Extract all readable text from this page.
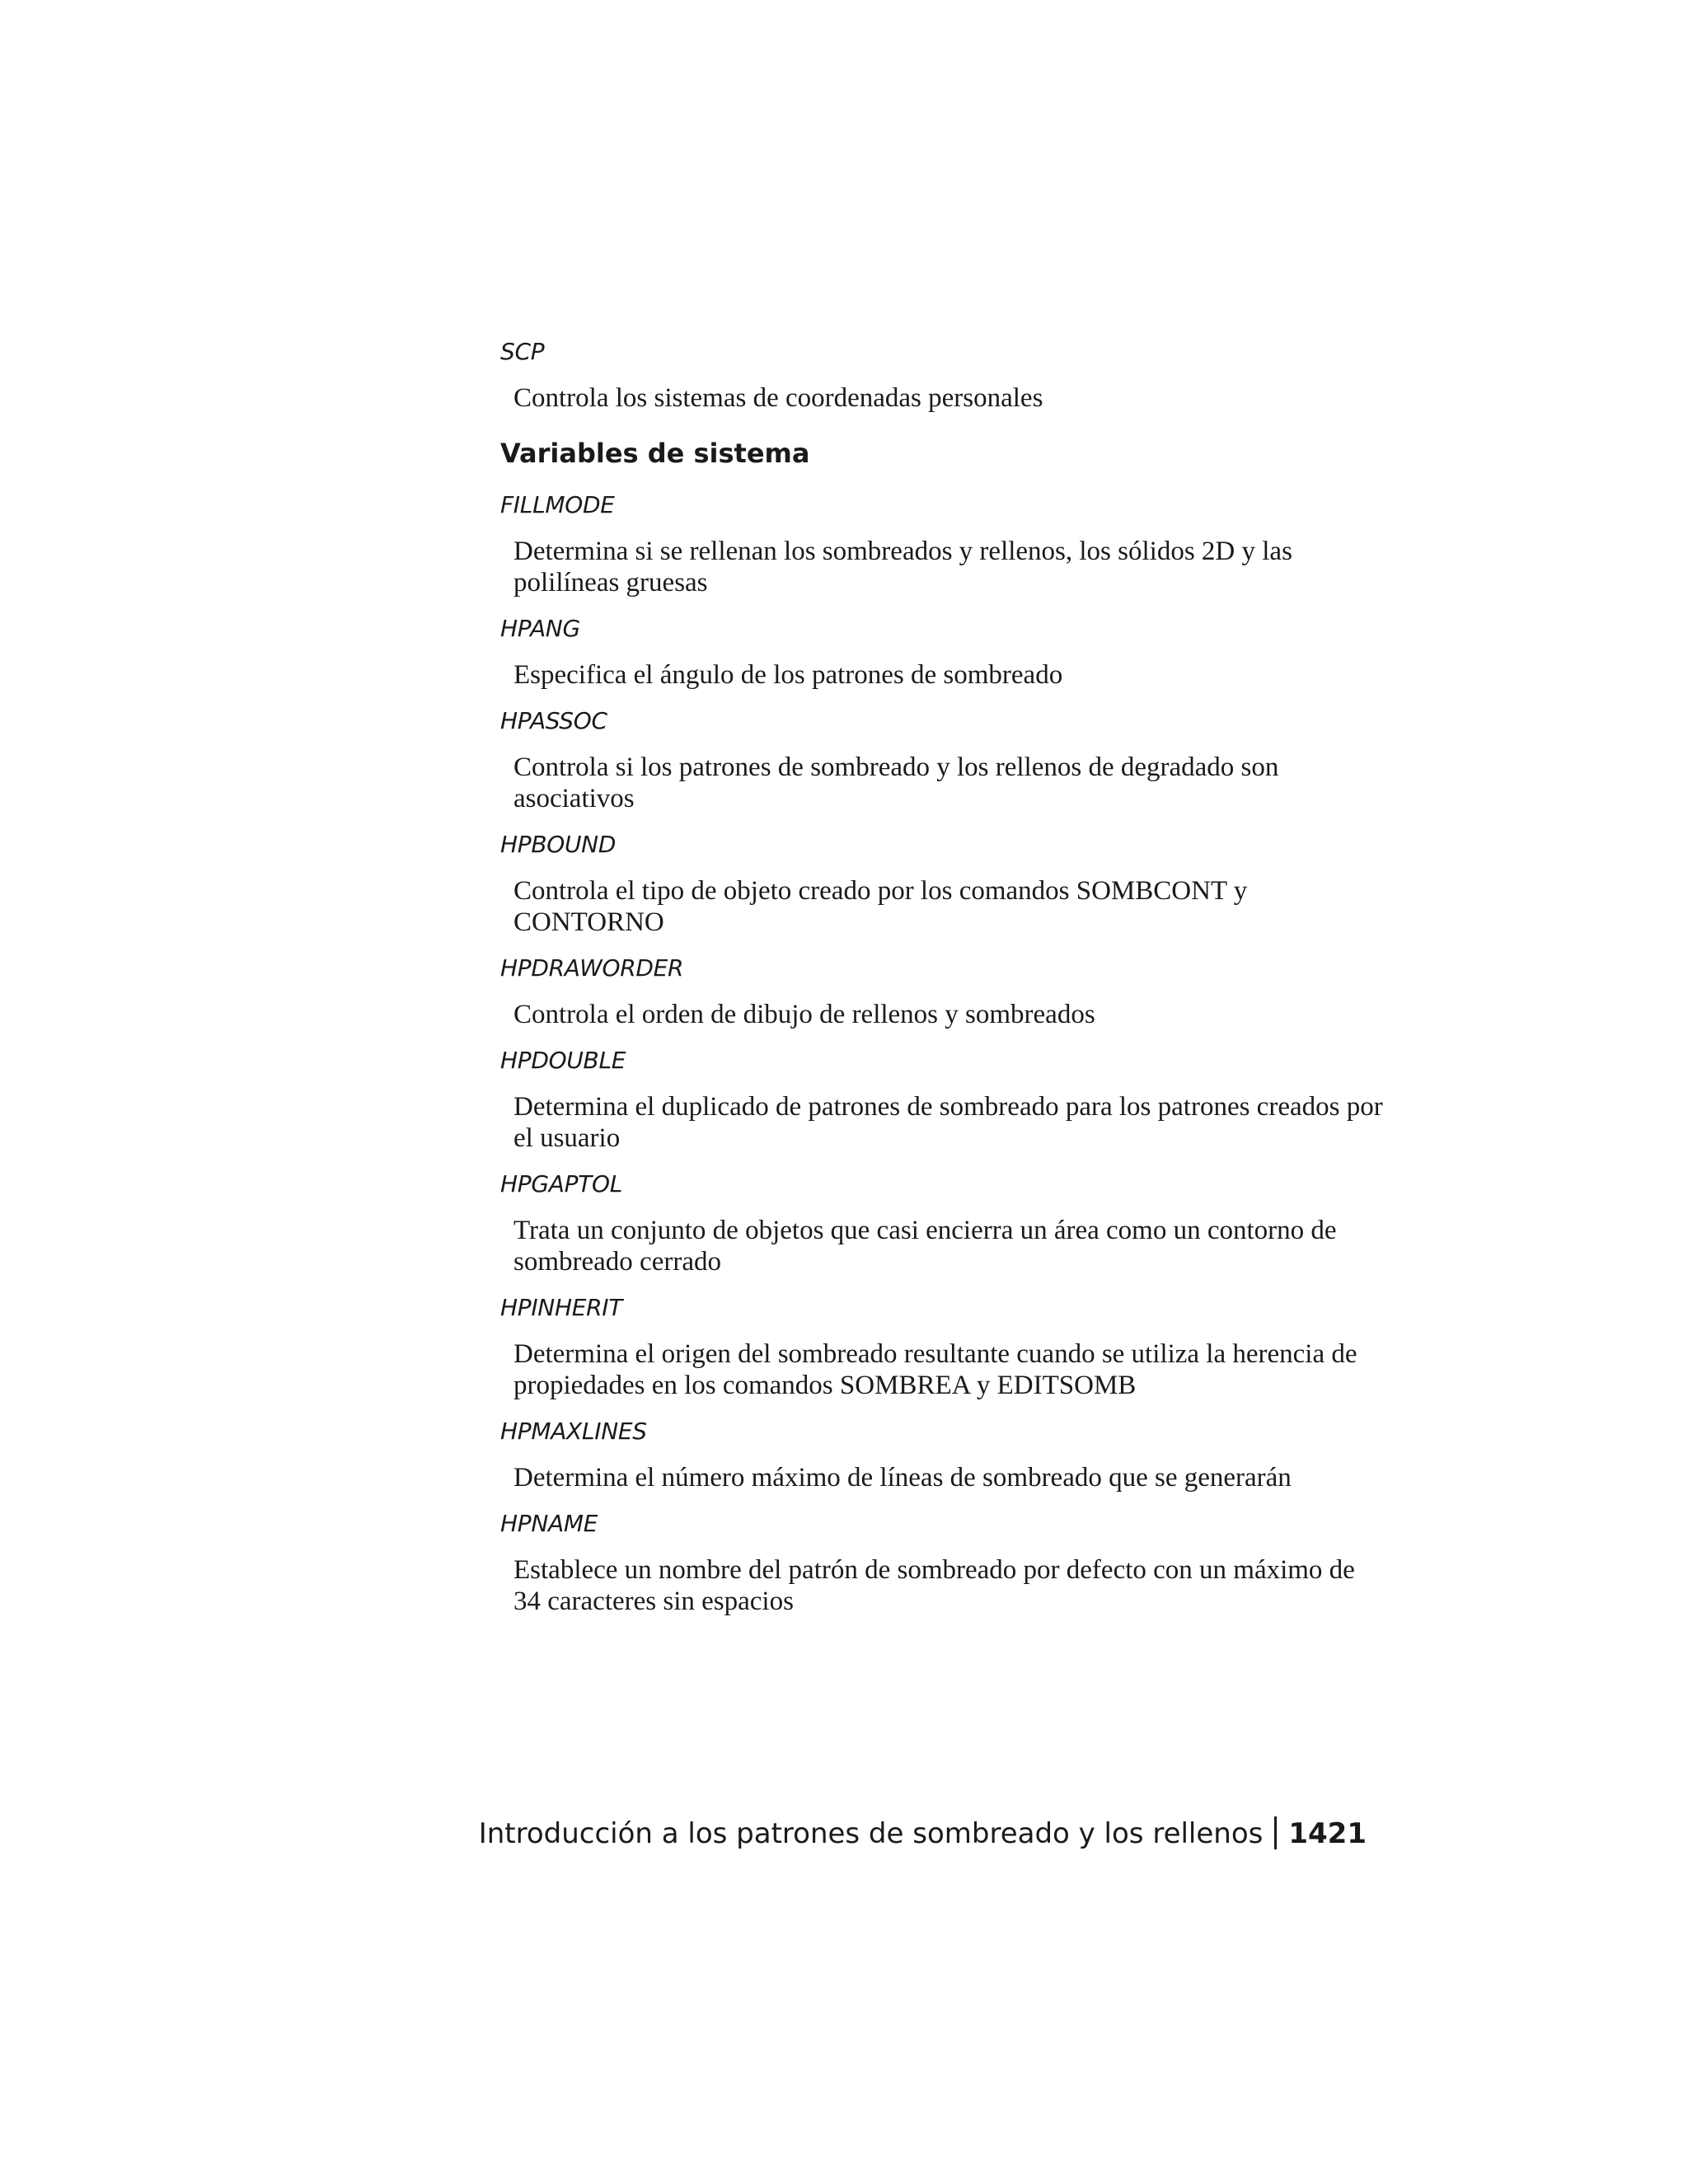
SCP
Controla los sistemas de coordenadas personales
Variables de sistema
FILLMODE
Determina si se rellenan los sombreados y rellenos, los sólidos 2D y las polilíneas gruesas
HPANG
Especifica el ángulo de los patrones de sombreado
HPASSOC
Controla si los patrones de sombreado y los rellenos de degradado son asociativos
HPBOUND
Controla el tipo de objeto creado por los comandos SOMBCONT y CONTORNO
HPDRAWORDER
Controla el orden de dibujo de rellenos y sombreados
HPDOUBLE
Determina el duplicado de patrones de sombreado para los patrones creados por el usuario
HPGAPTOL
Trata un conjunto de objetos que casi encierra un área como un contorno de sombreado cerrado
HPINHERIT
Determina el origen del sombreado resultante cuando se utiliza la herencia de propiedades en los comandos SOMBREA y EDITSOMB
HPMAXLINES
Determina el número máximo de líneas de sombreado que se generarán
HPNAME
Establece un nombre del patrón de sombreado por defecto con un máximo de 34 caracteres sin espacios
Introducción a los patrones de sombreado y los rellenos 1421
